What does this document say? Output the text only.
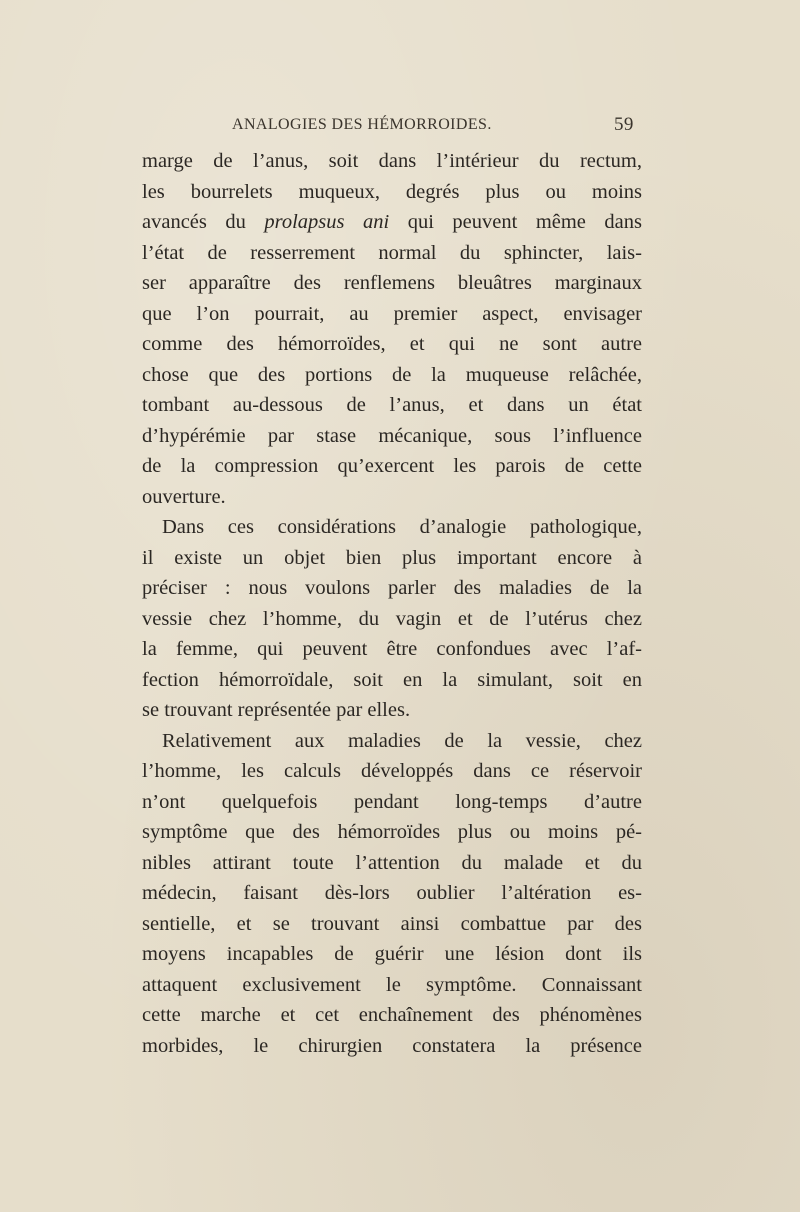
ANALOGIES DES HÉMORROIDES.	59
marge de l’anus, soit dans l’intérieur du rectum,
les bourrelets muqueux, degrés plus ou moins
avancés du prolapsus ani qui peuvent même dans
l’état de resserrement normal du sphincter, lais-
ser apparaître des renflemens bleuâtres marginaux
que l’on pourrait, au premier aspect, envisager
comme des hémorroïdes, et qui ne sont autre
chose que des portions de la muqueuse relâchée,
tombant au-dessous de l’anus, et dans un état
d’hypérémie par stase mécanique, sous l’influence
de la compression qu’exercent les parois de cette
ouverture.
Dans ces considérations d’analogie pathologique,
il existe un objet bien plus important encore à
préciser : nous voulons parler des maladies de la
vessie chez l’homme, du vagin et de l’utérus chez
la femme, qui peuvent être confondues avec l’af-
fection hémorroïdale, soit en la simulant, soit en
se trouvant représentée par elles.
Relativement aux maladies de la vessie, chez
l’homme, les calculs développés dans ce réservoir
n’ont quelquefois pendant long-temps d’autre
symptôme que des hémorroïdes plus ou moins pé-
nibles attirant toute l’attention du malade et du
médecin, faisant dès-lors oublier l’altération es-
sentielle, et se trouvant ainsi combattue par des
moyens incapables de guérir une lésion dont ils
attaquent exclusivement le symptôme. Connaissant
cette marche et cet enchaînement des phénomènes
morbides, le chirurgien constatera la présence
